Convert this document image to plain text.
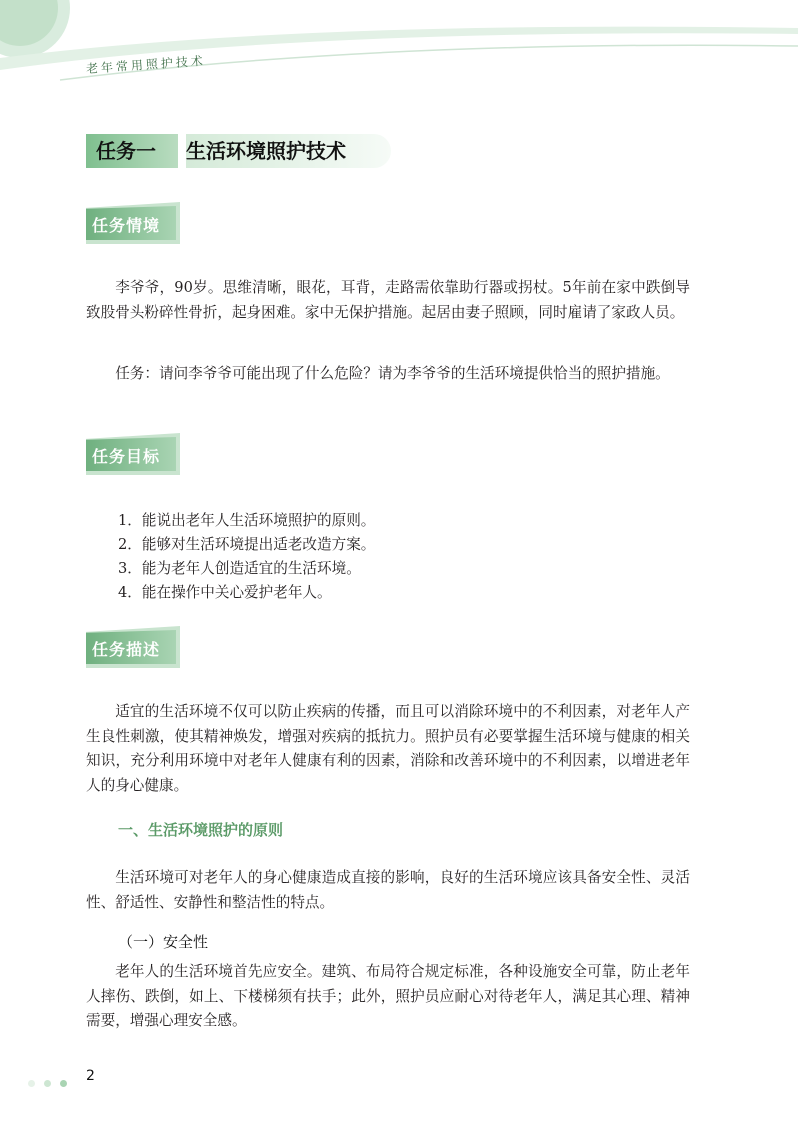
老年常用照护技术
任务一	生活环境照护技术
任务情境

李爷爷，90岁。思维清晰，眼花，耳背，走路需依靠助行器或拐杖。5年前在家中跌倒导致股骨头粉碎性骨折，起身困难。家中无保护措施。起居由妻子照顾，同时雇请了家政人员。

任务：请问李爷爷可能出现了什么危险？请为李爷爷的生活环境提供恰当的照护措施。

任务目标
1．能说出老年人生活环境照护的原则。
2．能够对生活环境提出适老改造方案。
3．能为老年人创造适宜的生活环境。
4．能在操作中关心爱护老年人。
任务描述

适宜的生活环境不仅可以防止疾病的传播，而且可以消除环境中的不利因素，对老年人产生良性刺激，使其精神焕发，增强对疾病的抵抗力。照护员有必要掌握生活环境与健康的相关知识，充分利用环境中对老年人健康有利的因素，消除和改善环境中的不利因素，以增进老年人的身心健康。

一、生活环境照护的原则

生活环境可对老年人的身心健康造成直接的影响，良好的生活环境应该具备安全性、灵活性、舒适性、安静性和整洁性的特点。

（一）安全性

老年人的生活环境首先应安全。建筑、布局符合规定标准，各种设施安全可靠，防止老年人摔伤、跌倒，如上、下楼梯须有扶手；此外，照护员应耐心对待老年人，满足其心理、精神需要，增强心理安全感。

2
